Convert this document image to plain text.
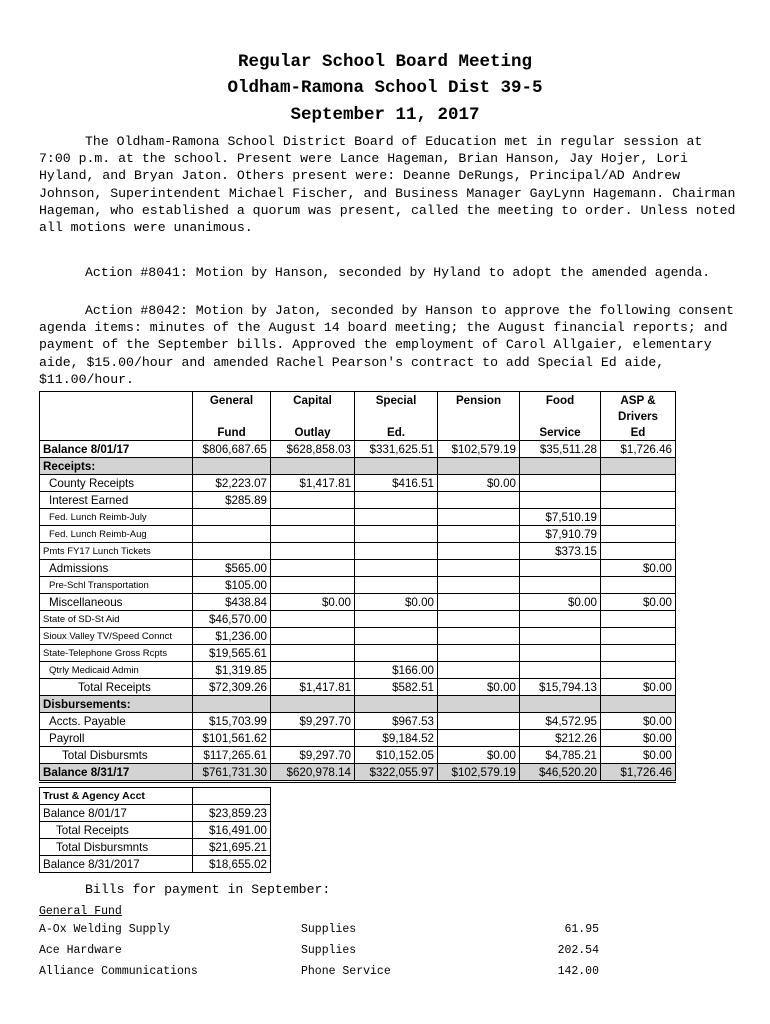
Regular School Board Meeting
Oldham-Ramona School Dist 39-5
September 11, 2017
The Oldham-Ramona School District Board of Education met in regular session at 7:00 p.m. at the school. Present were Lance Hageman, Brian Hanson, Jay Hojer, Lori Hyland, and Bryan Jaton. Others present were: Deanne DeRungs, Principal/AD Andrew Johnson, Superintendent Michael Fischer, and Business Manager GayLynn Hagemann. Chairman Hageman, who established a quorum was present, called the meeting to order. Unless noted all motions were unanimous.
Action #8041: Motion by Hanson, seconded by Hyland to adopt the amended agenda.
Action #8042: Motion by Jaton, seconded by Hanson to approve the following consent agenda items: minutes of the August 14 board meeting; the August financial reports; and payment of the September bills. Approved the employment of Carol Allgaier, elementary aide, $15.00/hour and amended Rachel Pearson's contract to add Special Ed aide, $11.00/hour.
	General	Capital	Special	Pension	Food	ASP &
						Drivers
	Fund	Outlay	Ed.		Service	Ed
Balance 8/01/17	$806,687.65	$628,858.03	$331,625.51	$102,579.19	$35,511.28	$1,726.46
Receipts:						
County Receipts	$2,223.07	$1,417.81	$416.51	$0.00		
Interest Earned	$285.89					
Fed. Lunch Reimb-July					$7,510.19	
Fed. Lunch Reimb-Aug					$7,910.79	
Pmts FY17 Lunch Tickets					$373.15	
Admissions	$565.00					$0.00
Pre-Schl Transportation	$105.00					
Miscellaneous	$438.84	$0.00	$0.00		$0.00	$0.00
State of SD-St Aid	$46,570.00					
Sioux Valley TV/Speed Connct	$1,236.00					
State-Telephone Gross Rcpts	$19,565.61					
Qtrly Medicaid Admin	$1,319.85		$166.00			
Total Receipts	$72,309.26	$1,417.81	$582.51	$0.00	$15,794.13	$0.00
Disbursements:						
Accts. Payable	$15,703.99	$9,297.70	$967.53		$4,572.95	$0.00
Payroll	$101,561.62		$9,184.52		$212.26	$0.00
Total Disbursmts	$117,265.61	$9,297.70	$10,152.05	$0.00	$4,785.21	$0.00
Balance 8/31/17	$761,731.30	$620,978.14	$322,055.97	$102,579.19	$46,520.20	$1,726.46
Trust & Agency Acct	
Balance 8/01/17	$23,859.23
Total Receipts	$16,491.00
Total Disbursmnts	$21,695.21
Balance 8/31/2017	$18,655.02
Bills for payment in September:
General Fund
A-Ox Welding Supply	Supplies	61.95
Ace Hardware	Supplies	202.54
Alliance Communications	Phone Service	142.00
